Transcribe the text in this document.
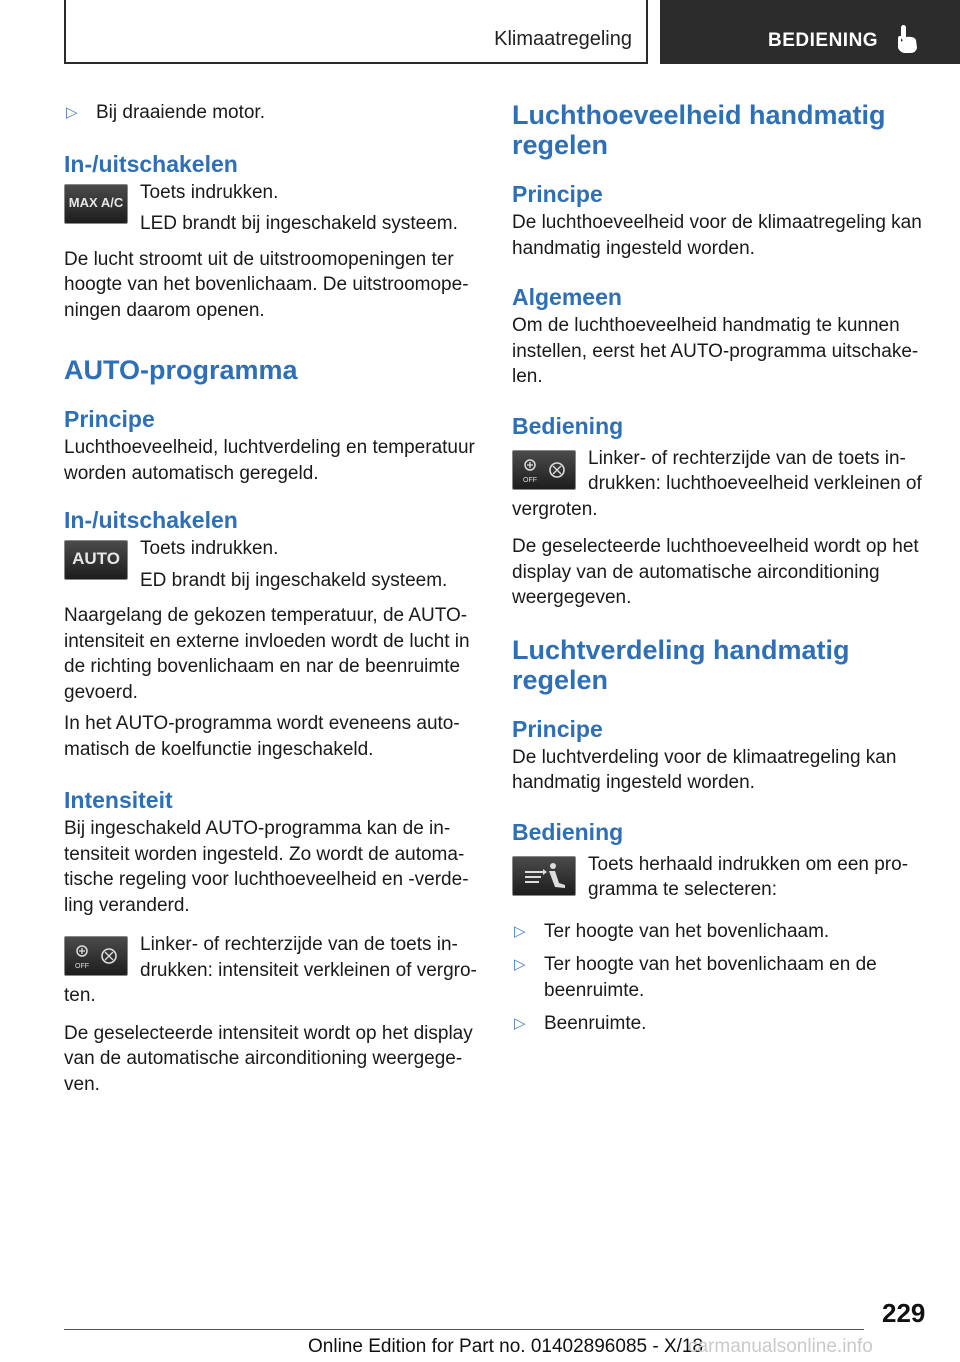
Klimaatregeling	BEDIENING
▷ Bij draaiende motor.
In-/uitschakelen
MAX A/C Toets indrukken.

LED brandt bij ingeschakeld systeem.

De lucht stroomt uit de uitstroomopeningen ter hoogte van het bovenlichaam. De uitstroomope-ningen daarom openen.

AUTO-programma
Principe

Luchthoeveelheid, luchtverdeling en temperatuur worden automatisch geregeld.

In-/uitschakelen
AUTO	Toets indrukken.

ED brandt bij ingeschakeld systeem.

Naargelang de gekozen temperatuur, de AUTO-intensiteit en externe invloeden wordt de lucht in de richting bovenlichaam en nar de beenruimte gevoerd.

In het AUTO-programma wordt eveneens auto-matisch de koelfunctie ingeschakeld.

Intensiteit

Bij ingeschakeld AUTO-programma kan de in-tensiteit worden ingesteld. Zo wordt de automa-tische regeling voor luchthoeveelheid en -verde-ling veranderd.

OFF

Linker- of rechterzijde van de toets in-drukken: intensiteit verkleinen of vergro-

ten.

De geselecteerde intensiteit wordt op het display van de automatische airconditioning weergege-ven.

Luchthoeveelheid handmatig regelen
Principe

De luchthoeveelheid voor de klimaatregeling kan handmatig ingesteld worden.

Algemeen

Om de luchthoeveelheid handmatig te kunnen instellen, eerst het AUTO-programma uitschake-len.

Bediening
OFF

Linker- of rechterzijde van de toets in-drukken: luchthoeveelheid verkleinen of

vergroten.

De geselecteerde luchthoeveelheid wordt op het display van de automatische airconditioning weergegeven.

Luchtverdeling handmatig regelen
Principe

De luchtverdeling voor de klimaatregeling kan handmatig ingesteld worden.

Bediening

Toets herhaald indrukken om een pro-gramma te selecteren:

▷ Ter hoogte van het bovenlichaam.
▷ Ter hoogte van het bovenlichaam en de beenruimte.
▷ Beenruimte.
229
Online Edition for Part no. 01402896085 - X/18
carmanualsonline.info
